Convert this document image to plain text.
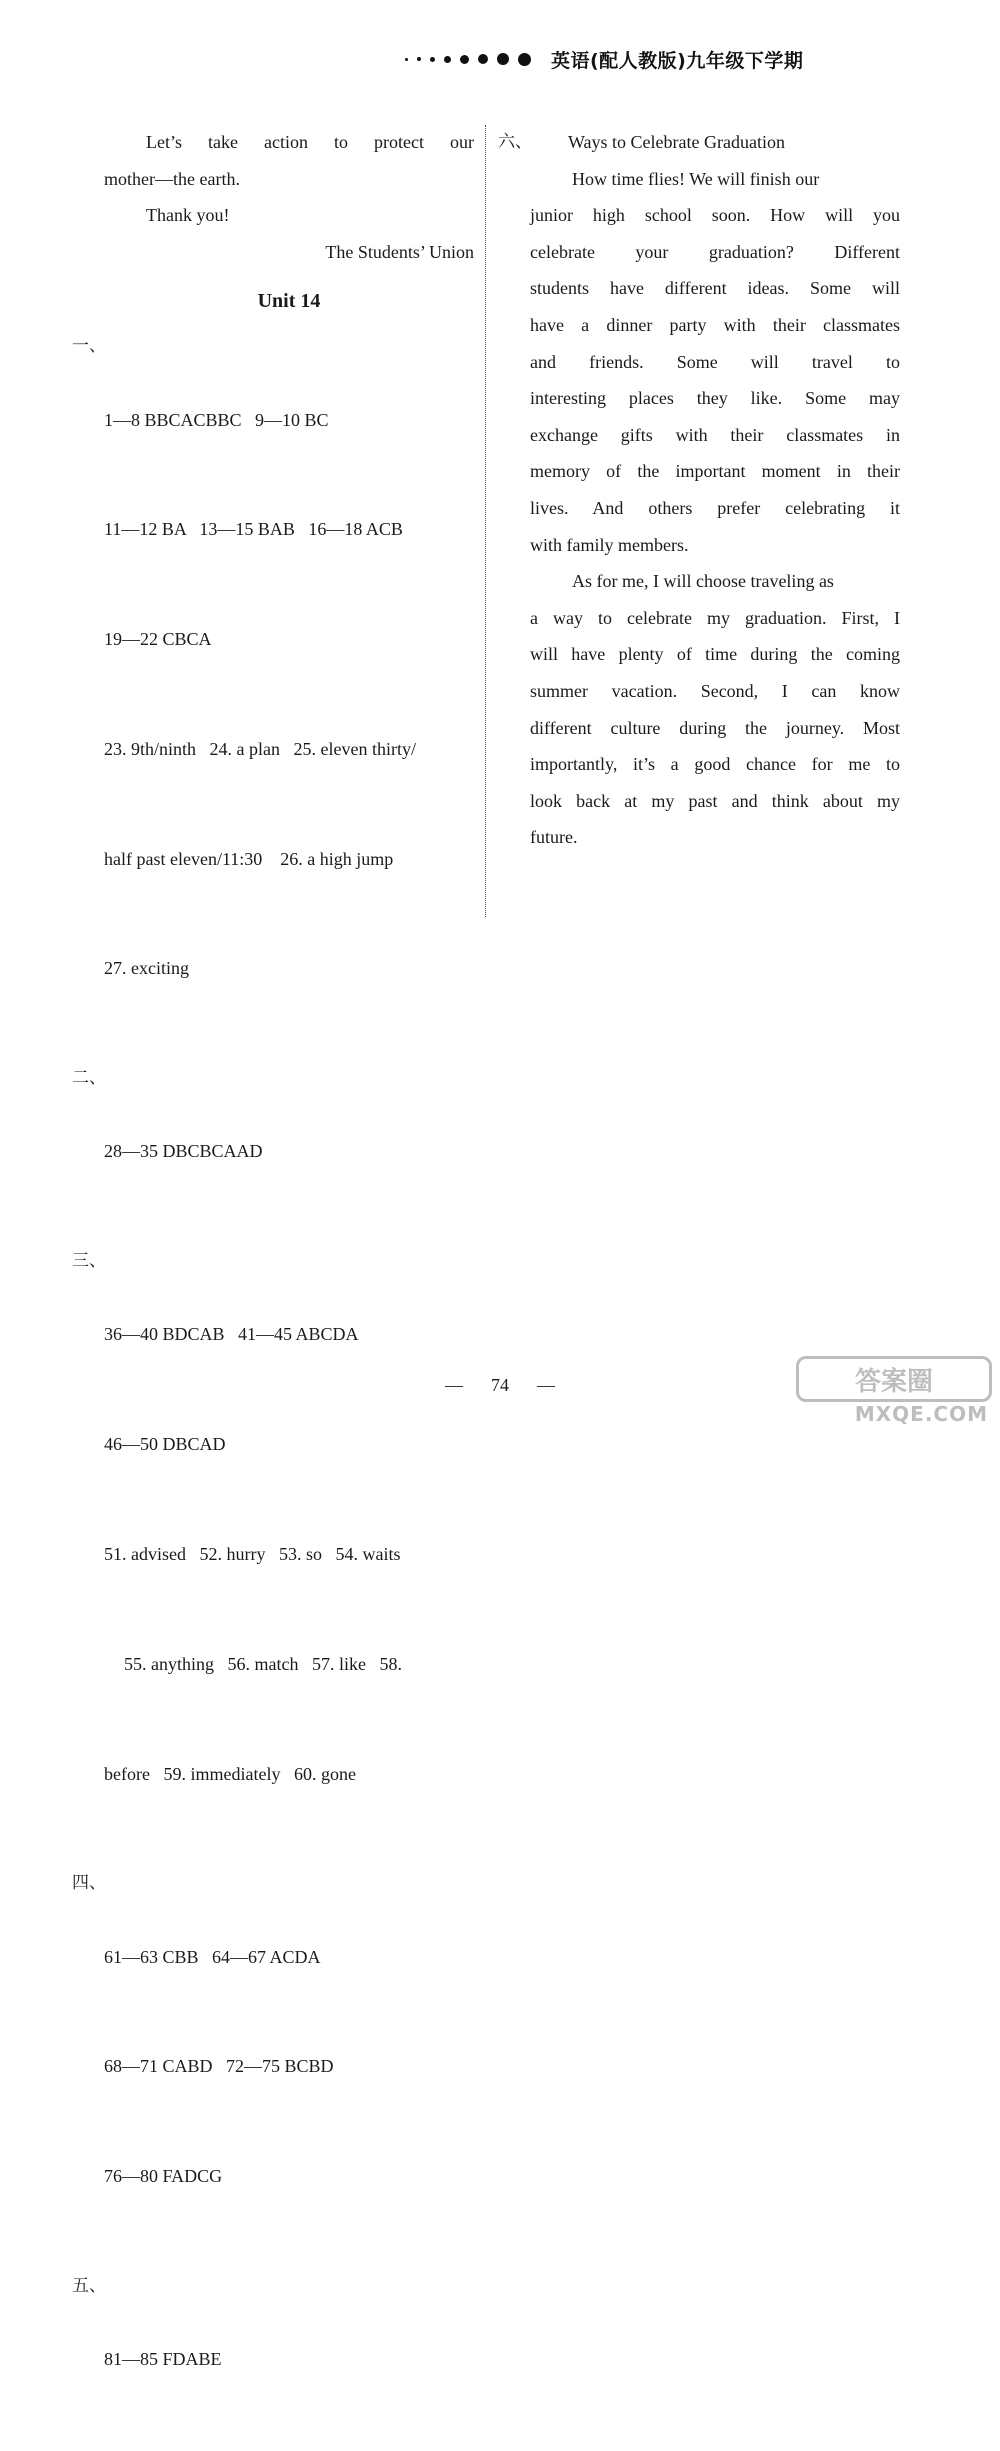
英语(配人教版)九年级下学期
Let’s take action to protect our
mother—the earth.
Thank you!
The Students’ Union
Unit 14
一、

1—8 BBCACBBC   9—10 BC

11—12 BA   13—15 BAB   16—18 ACB

19—22 CBCA

23. 9th/ninth   24. a plan   25. eleven thirty/

half past eleven/11:30    26. a high jump

27. exciting

二、

28—35 DBCBCAAD

三、

36—40 BDCAB   41—45 ABCDA

46—50 DBCAD

51. advised   52. hurry   53. so   54. waits

55. anything   56. match   57. like   58.

before   59. immediately   60. gone

四、

61—63 CBB   64—67 ACDA

68—71 CABD   72—75 BCBD

76—80 FADCG

五、

81—85 FDABE

六、 Ways to Celebrate Graduation
How time flies! We will finish our
junior high school soon. How will you
celebrate your graduation? Different
students have different ideas. Some will
have a dinner party with their classmates
and friends. Some will travel to
interesting places they like. Some may
exchange gifts with their classmates in
memory of the important moment in their
lives. And others prefer celebrating it
with family members.
As for me, I will choose traveling as
a way to celebrate my graduation. First, I
will have plenty of time during the coming
summer vacation. Second, I can know
different culture during the journey. Most
importantly, it’s a good chance for me to
look back at my past and think about my
future.
— 74 —	答案圈
MXQE.COM
